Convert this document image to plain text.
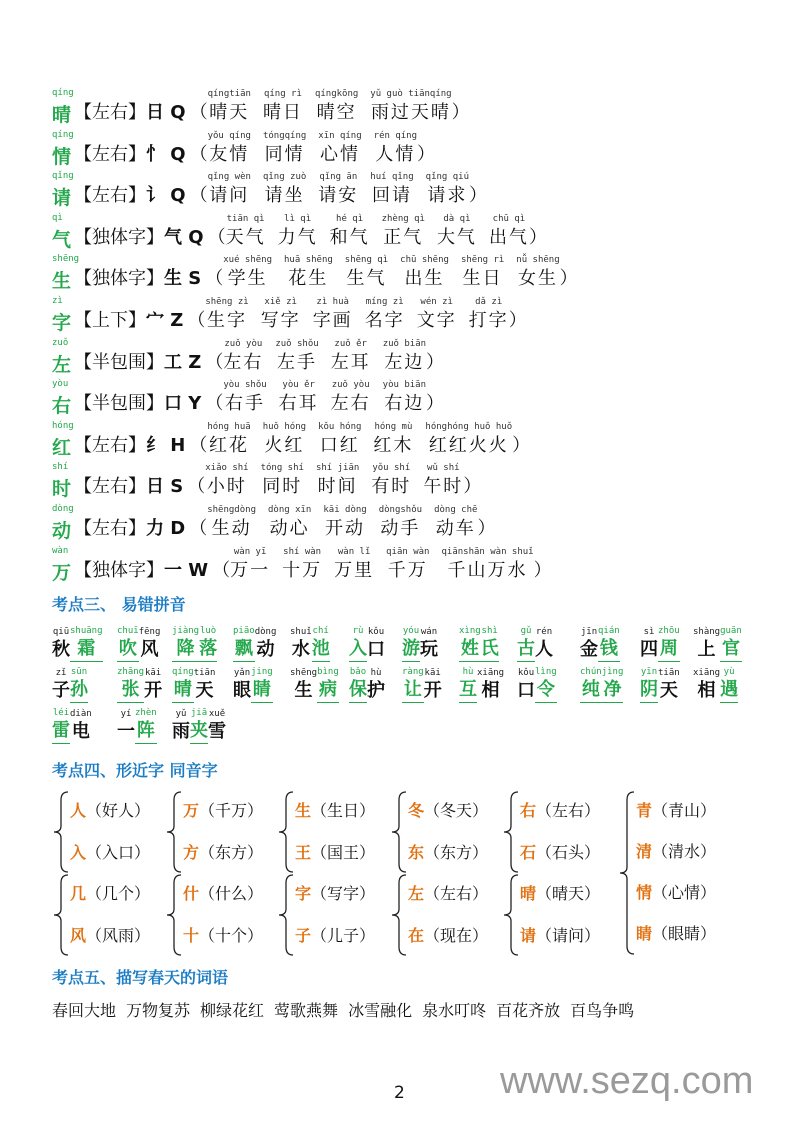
qíng
晴 【左右】日 Q （
qíngtiān
晴天
qíng rì
晴日
qíngkōng
晴空
yǔ guò tiānqíng
雨过天晴 ）
qíng
情 【左右】忄 Q （
yǒu qíng
友情
tóngqíng
同情
xīn qíng
心情
rén qíng
人情 ）
qǐng
请 【左右】讠 Q （
qǐng wèn
请问
qǐng zuò
请坐
qǐng ān
请安
huí qǐng
回请
qǐng qiú
请求 ）
qì
气 【独体字】气 Q （
tiān qì
天气
lì qì
力气
hé qì
和气
zhèng qì
正气
dà qì
大气
chū qì
出气 ）
shēng
生 【独体字】生 S （
xué shēng
学生
huā shēng
花生
shēng qì
生气
chū shēng
出生
shēng rì
生日
nǚ shēng
女生 ）
zì
字 【上下】宀 Z （
shēng zì
生字
xiě zì
写字
zì huà
字画
míng zì
名字
wén zì
文字
dǎ zì
打字 ）
zuǒ
左 【半包围】工 Z （
zuǒ yòu
左右
zuǒ shǒu
左手
zuǒ ěr
左耳
zuǒ biān
左边 ）
yòu
右 【半包围】口 Y （
yòu shǒu
右手
yòu ěr
右耳
zuǒ yòu
左右
yòu biān
右边 ）
hóng
红 【左右】纟 H （
hóng huā
红花
huǒ hóng
火红
kǒu hóng
口红
hóng mù
红木
hónghóng huǒ huǒ
红红火火 ）
shí
时 【左右】日 S （
xiǎo shí
小时
tóng shí
同时
shí jiān
时间
yǒu shí
有时
wǔ shí
午时 ）
dòng
动 【左右】力 D （
shēngdòng
生动
dòng xīn
动心
kāi dòng
开动
dòngshǒu
动手
dòng chē
动车 ）
wàn
万 【独体字】一 W （
wàn yī
万一
shí wàn
十万
wàn lǐ
万里
qiān wàn
千万
qiānshān wàn shuǐ
千山万水 ）
考点三、 易错拼音
qiū
秋
shuāng
霜
chuī
吹
fēng
风
jiàng
降
luò
落
piāo
飘
dòng
动
shuǐ
水
chí
池
rù
入
kǒu
口
yóu
游
wán
玩
xìng
姓
shì
氏
gǔ
古
rén
人
jīn
金
qián
钱
sì
四
zhōu
周
shàng
上
guān
官
zǐ
子
sūn
孙
zhāng
张
kāi
开
qíng
晴
tiān
天
yǎn
眼
jing
睛
shēng
生
bìng
病
bǎo
保
hù
护
ràng
让
kāi
开
hù
互
xiāng
相
kǒu
口
lìng
令
chún
纯
jìng
净
yīn
阴
tiān
天
xiāng
相
yù
遇
léi
雷
diàn
电
yí
一
zhèn
阵
yǔ
雨
jiā
夹
xuě
雪
考点四、形近字 同音字
人（好人）
入（入口）
万（千万）
方（东方）
生（生日）
王（国王）
冬（冬天）
东（东方）
右（左右）
石（石头）
几（几个）
风（风雨）
什（什么）
十（十个）
字（写字）
子（儿子）
左（左右）
在（现在）
晴（晴天）
请（请问）
青（青山）
清（清水）
情（心情）
睛（眼睛）
考点五、描写春天的词语
春回大地 万物复苏 柳绿花红 莺歌燕舞 冰雪融化 泉水叮咚 百花齐放 百鸟争鸣
2	www.sezq.com
